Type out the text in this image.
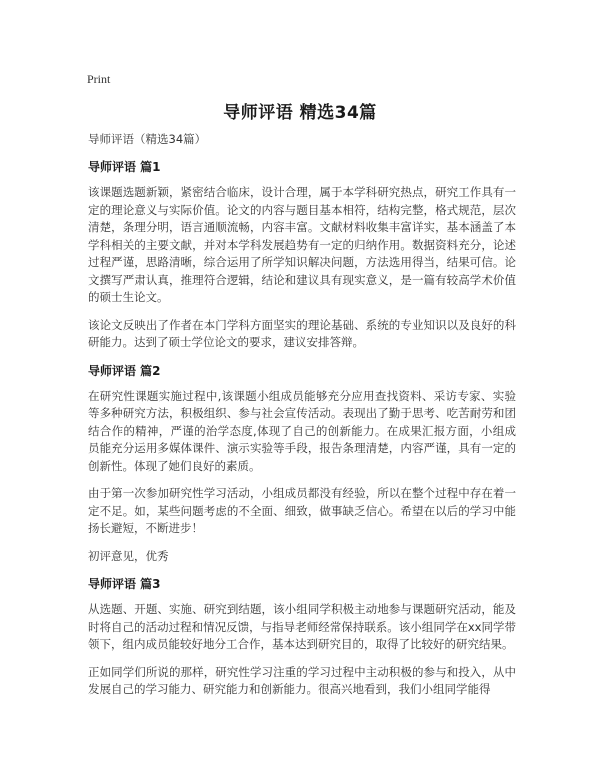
Print
导师评语 精选34篇

导师评语（精选34篇）

导师评语 篇1

该课题选题新颖，紧密结合临床，设计合理，属于本学科研究热点，研究工作具有一定的理论意义与实际价值。论文的内容与题目基本相符，结构完整，格式规范，层次清楚，条理分明，语言通顺流畅，内容丰富。文献材料收集丰富详实，基本涵盖了本学科相关的主要文献，并对本学科发展趋势有一定的归纳作用。数据资料充分，论述过程严谨，思路清晰，综合运用了所学知识解决问题，方法选用得当，结果可信。论文撰写严肃认真，推理符合逻辑，结论和建议具有现实意义，是一篇有较高学术价值的硕士生论文。

该论文反映出了作者在本门学科方面坚实的理论基础、系统的专业知识以及良好的科研能力。达到了硕士学位论文的要求，建议安排答辩。

导师评语 篇2

在研究性课题实施过程中,该课题小组成员能够充分应用查找资料、采访专家、实验等多种研究方法，积极组织、参与社会宣传活动。表现出了勤于思考、吃苦耐劳和团结合作的精神，严谨的治学态度,体现了自己的创新能力。在成果汇报方面，小组成员能充分运用多媒体课件、演示实验等手段，报告条理清楚，内容严谨，具有一定的创新性。体现了她们良好的素质。

由于第一次参加研究性学习活动，小组成员都没有经验，所以在整个过程中存在着一定不足。如，某些问题考虑的不全面、细致，做事缺乏信心。希望在以后的学习中能扬长避短，不断进步！

初评意见，优秀

导师评语 篇3

从选题、开题、实施、研究到结题，该小组同学积极主动地参与课题研究活动，能及时将自己的活动过程和情况反馈，与指导老师经常保持联系。该小组同学在xx同学带领下，组内成员能较好地分工合作，基本达到研究目的，取得了比较好的研究结果。

正如同学们所说的那样，研究性学习注重的学习过程中主动积极的参与和投入，从中发展自己的学习能力、研究能力和创新能力。很高兴地看到，我们小组同学能得
